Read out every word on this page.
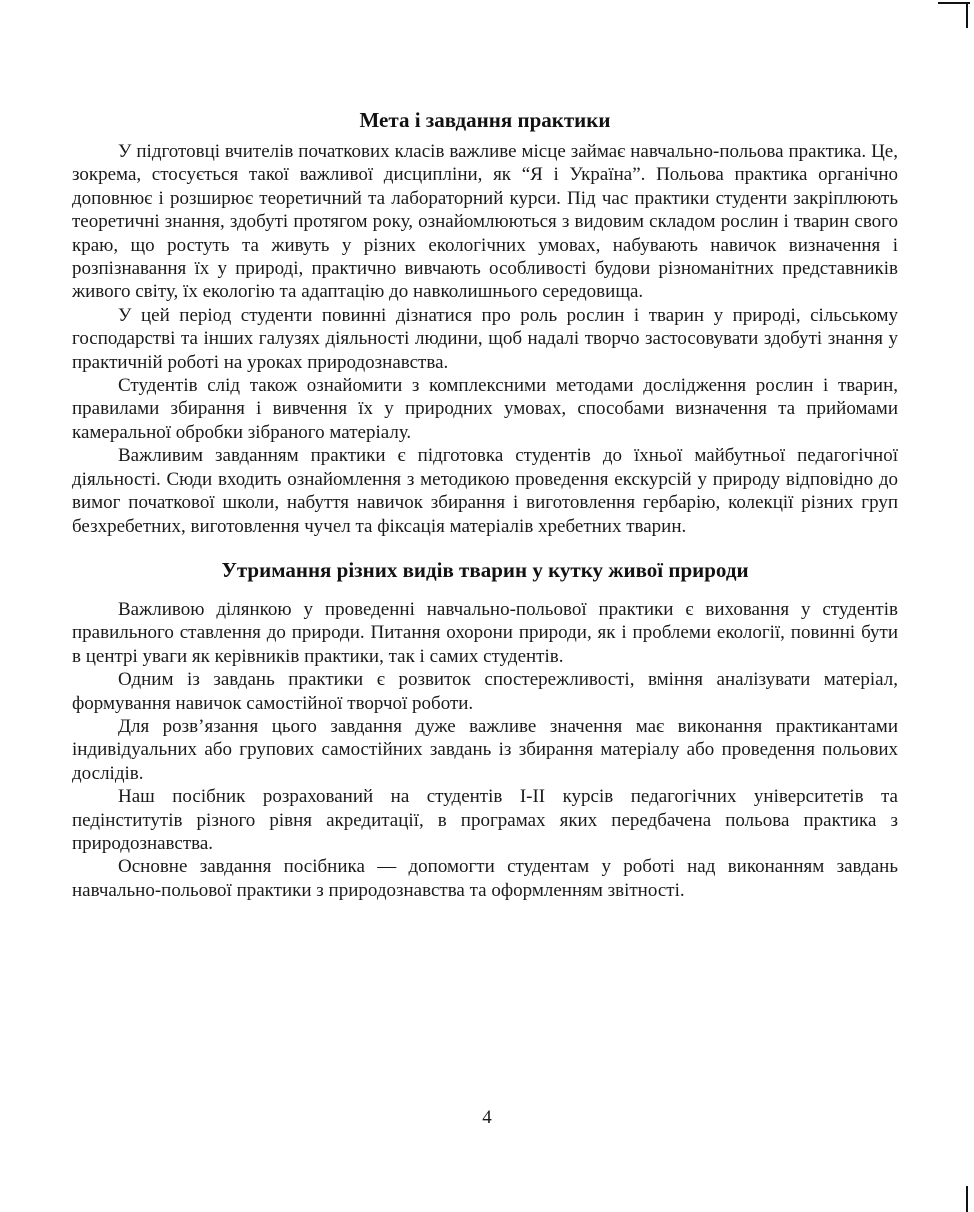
Мета і завдання практики

У підготовці вчителів початкових класів важливе місце займає навчально-польова практика. Це, зокрема, стосується такої важливої дисципліни, як “Я і Україна”. Польова практика органічно доповнює і розширює теоретичний та лабораторний курси. Під час практики студенти закріплюють теоретичні знання, здобуті протягом року, ознайомлюються з видовим складом рослин і тварин свого краю, що ростуть та живуть у різних екологічних умовах, набувають навичок визначення і розпізнавання їх у природі, практично вивчають особливості будови різноманітних представників живого світу, їх екологію та адаптацію до навколишнього середовища.

У цей період студенти повинні дізнатися про роль рослин і тварин у природі, сільському господарстві та інших галузях діяльності людини, щоб надалі творчо застосовувати здобуті знання у практичній роботі на уроках природознавства.

Студентів слід також ознайомити з комплексними методами дослідження рослин і тварин, правилами збирання і вивчення їх у природних умовах, способами визначення та прийомами камеральної обробки зібраного матеріалу.

Важливим завданням практики є підготовка студентів до їхньої майбутньої педагогічної діяльності. Сюди входить ознайомлення з методикою проведення екскурсій у природу відповідно до вимог початкової школи, набуття навичок збирання і виготовлення гербарію, колекції різних груп безхребетних, виготовлення чучел та фіксація матеріалів хребетних тварин.

Утримання різних видів тварин у кутку живої природи

Важливою ділянкою у проведенні навчально-польової практики є виховання у студентів правильного ставлення до природи. Питання охорони природи, як і проблеми екології, повинні бути в центрі уваги як керівників практики, так і самих студентів.

Одним із завдань практики є розвиток спостережливості, вміння аналізувати матеріал, формування навичок самостійної творчої роботи.

Для розв’язання цього завдання дуже важливе значення має виконання практикантами індивідуальних або групових самостійних завдань із збирання матеріалу або проведення польових дослідів.

Наш посібник розрахований на студентів I-II курсів педагогічних університетів та педінститутів різного рівня акредитації, в програмах яких передбачена польова практика з природознавства.

Основне завдання посібника — допомогти студентам у роботі над виконанням завдань навчально-польової практики з природознавства та оформленням звітності.

4
